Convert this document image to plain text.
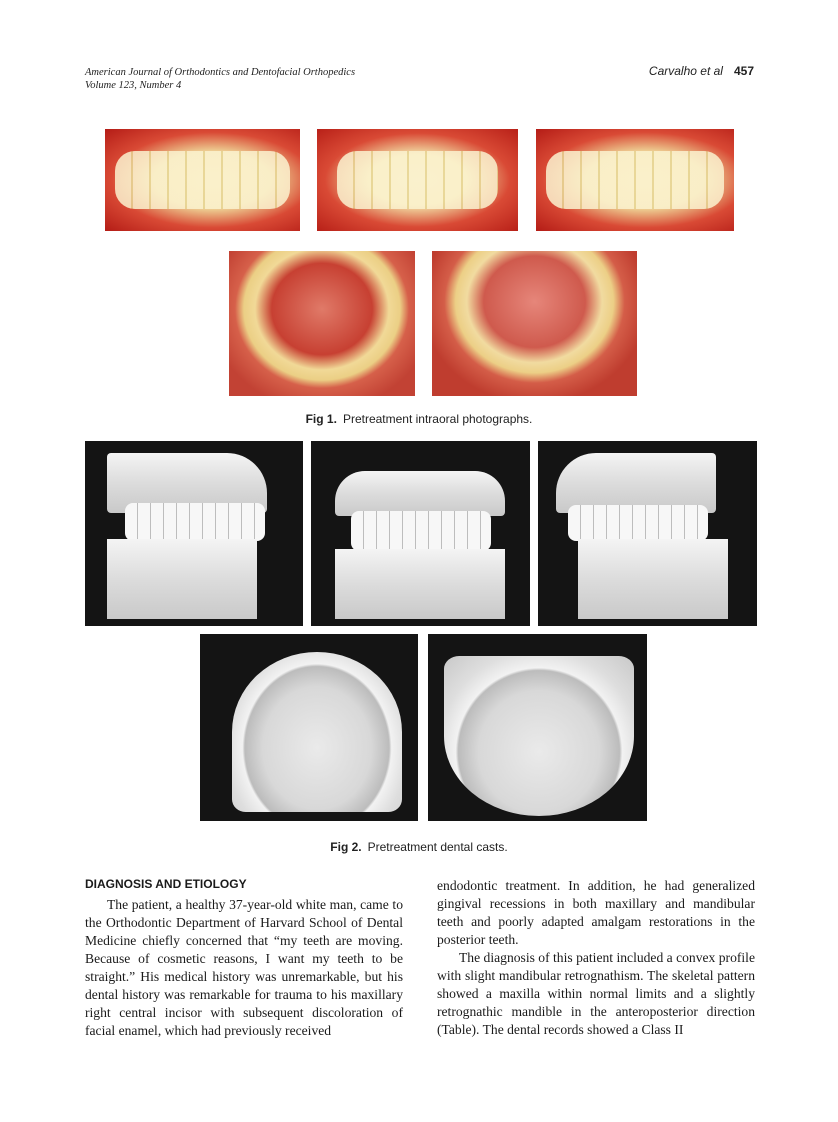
American Journal of Orthodontics and Dentofacial Orthopedics
Volume 123, Number 4
Carvalho et al 457
Fig 1. Pretreatment intraoral photographs.
Fig 2. Pretreatment dental casts.
DIAGNOSIS AND ETIOLOGY

The patient, a healthy 37-year-old white man, came to the Orthodontic Department of Harvard School of Dental Medicine chiefly concerned that “my teeth are moving. Because of cosmetic reasons, I want my teeth to be straight.” His medical history was unremarkable, but his dental history was remarkable for trauma to his maxillary right central incisor with subsequent discoloration of facial enamel, which had previously received

endodontic treatment. In addition, he had generalized gingival recessions in both maxillary and mandibular teeth and poorly adapted amalgam restorations in the posterior teeth.

The diagnosis of this patient included a convex profile with slight mandibular retrognathism. The skeletal pattern showed a maxilla within normal limits and a slightly retrognathic mandible in the anteroposterior direction (Table). The dental records showed a Class II
